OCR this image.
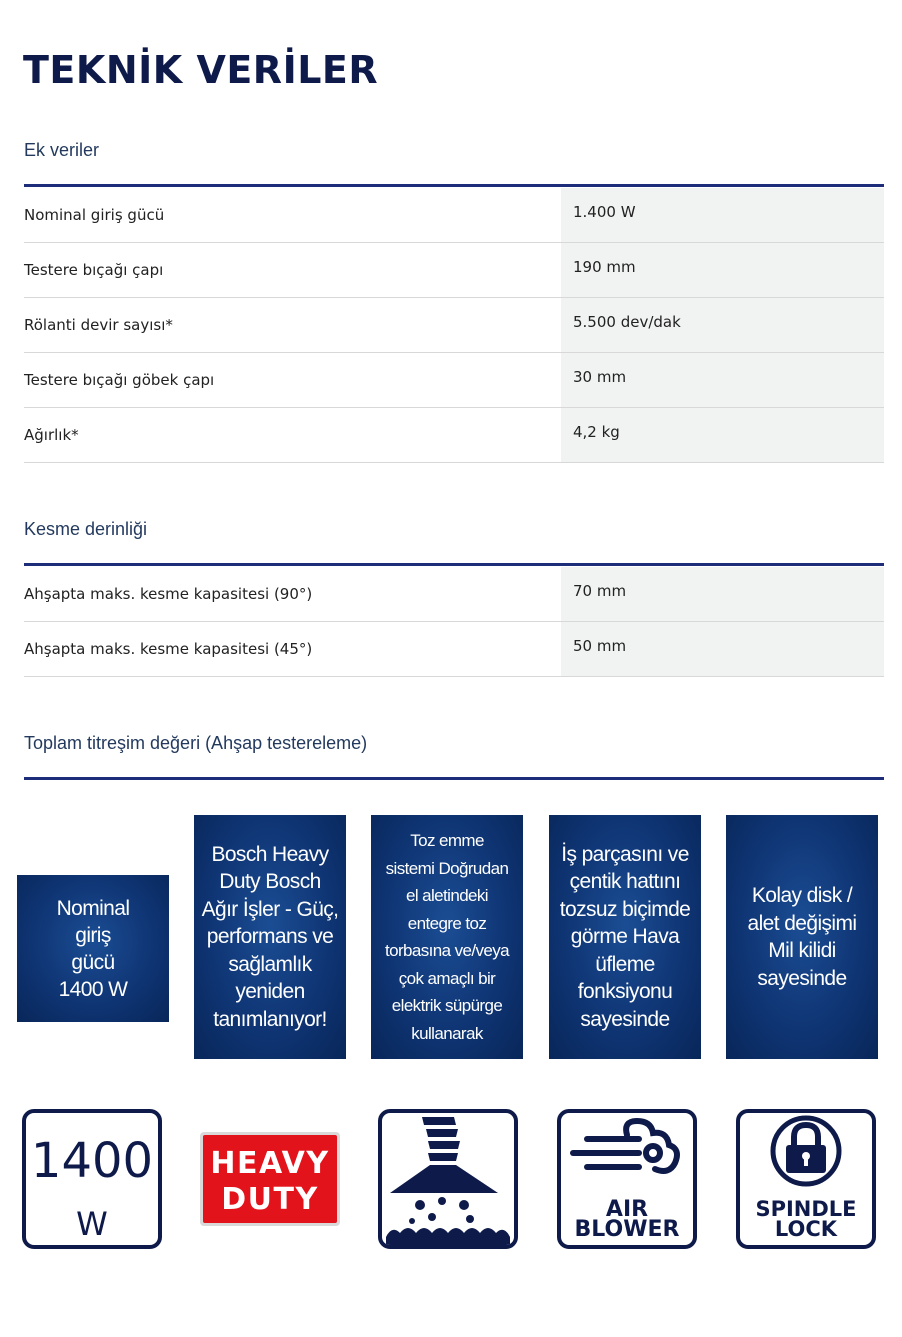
TEKNİK VERİLER
Ek veriler
Nominal giriş gücü	1.400 W
Testere bıçağı çapı	190 mm
Rölanti devir sayısı*	5.500 dev/dak
Testere bıçağı göbek çapı	30 mm
Ağırlık*	4,2 kg
Kesme derinliği
Ahşapta maks. kesme kapasitesi (90°)	70 mm
Ahşapta maks. kesme kapasitesi (45°)	50 mm
Toplam titreşim değeri (Ahşap testereleme)
Nominal
giriş
gücü
1400 W
Bosch Heavy
Duty Bosch
Ağır İşler - Güç,
performans ve
sağlamlık
yeniden
tanımlanıyor!
Toz emme
sistemi Doğrudan
el aletindeki
entegre toz
torbasına ve/veya
çok amaçlı bir
elektrik süpürge
kullanarak
İş parçasını ve
çentik hattını
tozsuz biçimde
görme Hava
üfleme
fonksiyonu
sayesinde
Kolay disk /
alet değişimi
Mil kilidi
sayesinde
1400
W
HEAVY
DUTY	AIR
BLOWER
SPINDLE
LOCK
